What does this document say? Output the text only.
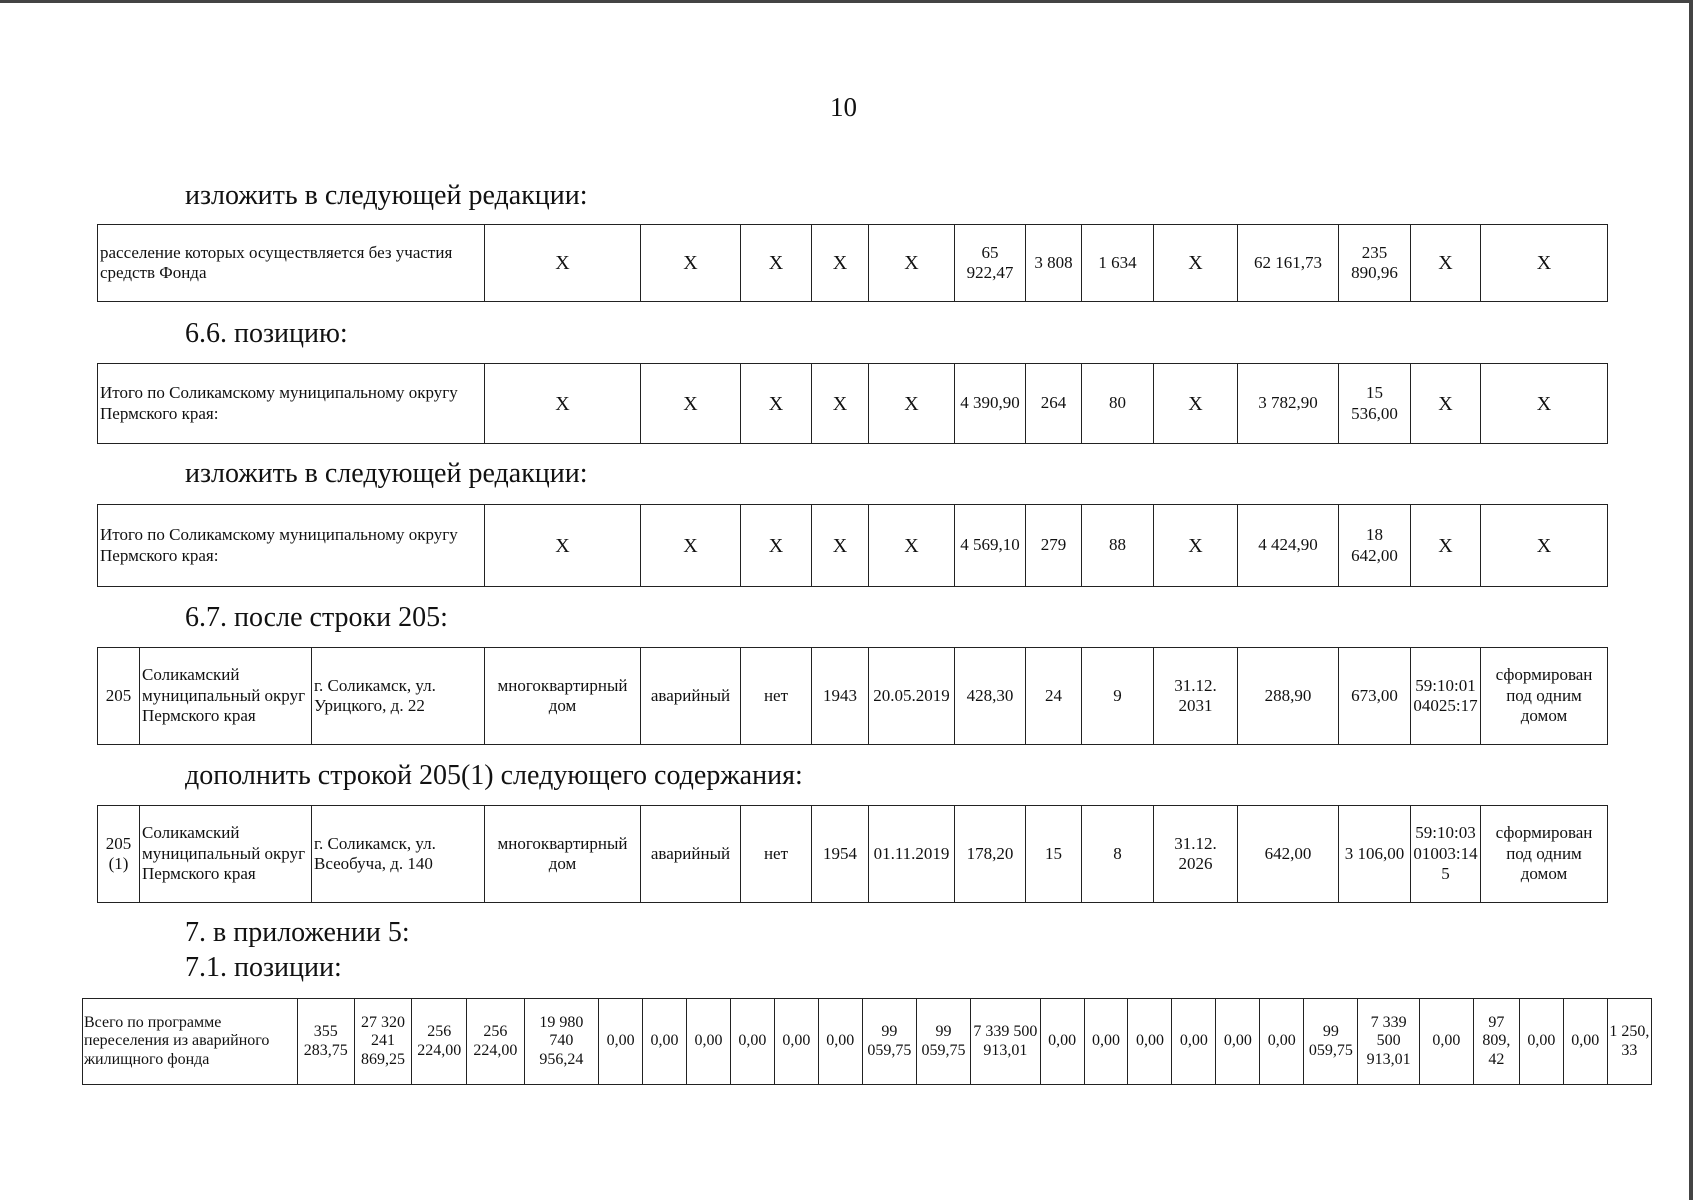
10
изложить в следующей редакции:
расселение которых осуществляется без участия средств Фонда	X	X	X	X	X	65 922,47	3 808	1 634	X	62 161,73	235 890,96	X	X
6.6. позицию:
Итого по Соликамскому муниципальному округу Пермского края:	X	X	X	X	X	4 390,90	264	80	X	3 782,90	15 536,00	X	X
изложить в следующей редакции:
Итого по Соликамскому муниципальному округу Пермского края:	X	X	X	X	X	4 569,10	279	88	X	4 424,90	18 642,00	X	X
6.7. после строки 205:
205	Соликамский муниципальный округ Пермского края	г. Соликамск, ул. Урицкого, д. 22	многоквартирный дом	аварийный	нет	1943	20.05.2019	428,30	24	9	31.12. 2031	288,90	673,00	59:10:0104025:17	сформирован под одним домом
дополнить строкой 205(1) следующего содержания:
205 (1)	Соликамский муниципальный округ Пермского края	г. Соликамск, ул. Всеобуча, д. 140	многоквартирный дом	аварийный	нет	1954	01.11.2019	178,20	15	8	31.12. 2026	642,00	3 106,00	59:10:0301003:145	сформирован под одним домом
7. в приложении 5:
7.1. позиции:
Всего по программе переселения из аварийного жилищного фонда	355 283,75	27 320 241 869,25	256 224,00	256 224,00	19 980 740 956,24	0,00	0,00	0,00	0,00	0,00	0,00	99 059,75	99 059,75	7 339 500 913,01	0,00	0,00	0,00	0,00	0,00	0,00	99 059,75	7 339 500 913,01	0,00	97 809, 42	0,00	0,00	1 250, 33
